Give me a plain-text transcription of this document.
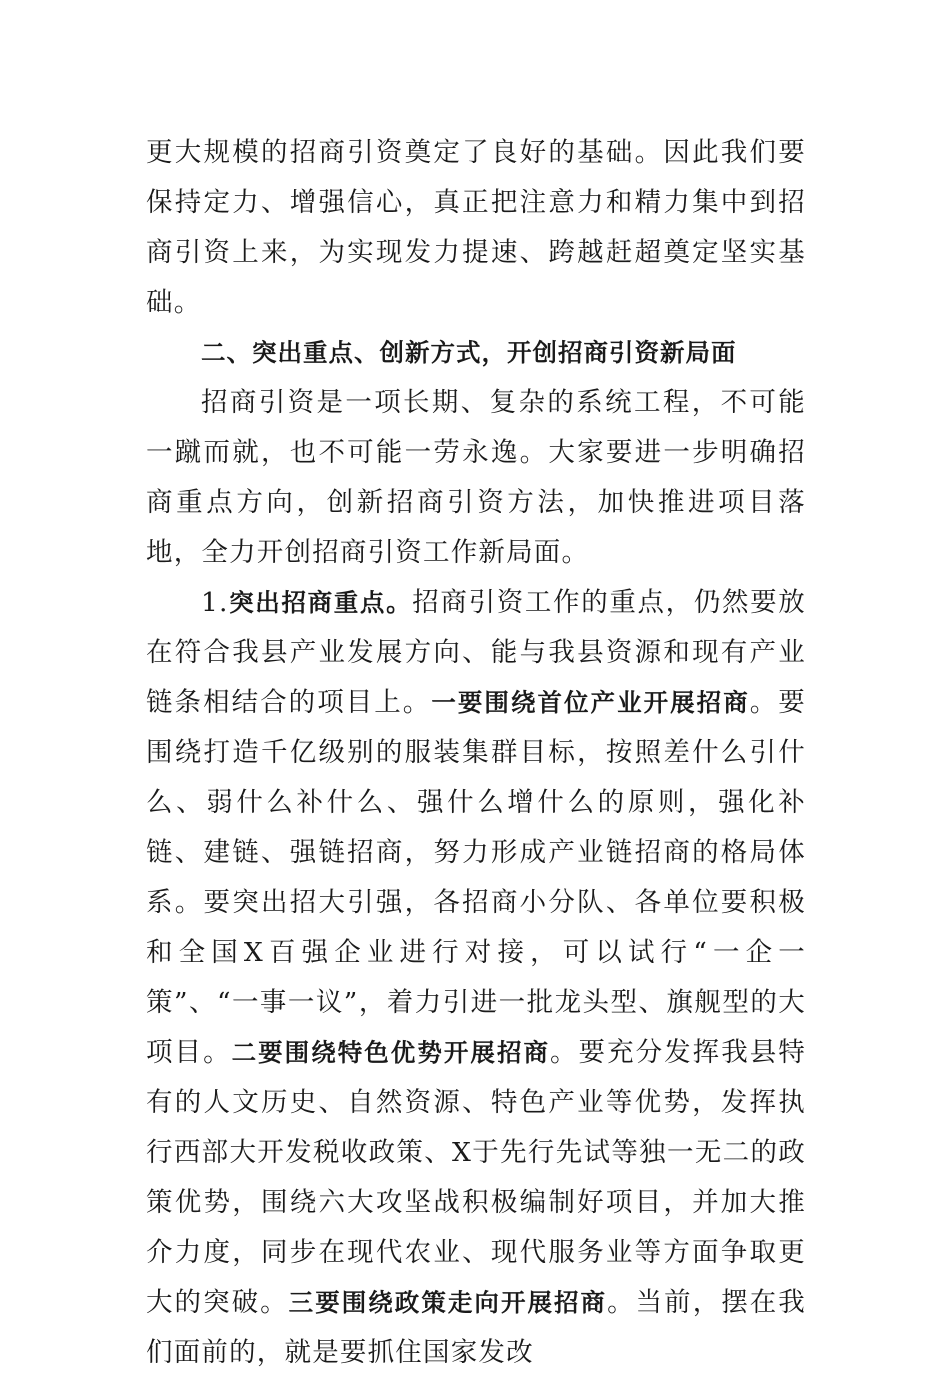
更大规模的招商引资奠定了良好的基础。因此我们要保持定力、增强信心，真正把注意力和精力集中到招商引资上来，为实现发力提速、跨越赶超奠定坚实基础。

二、突出重点、创新方式，开创招商引资新局面

招商引资是一项长期、复杂的系统工程，不可能一蹴而就，也不可能一劳永逸。大家要进一步明确招商重点方向，创新招商引资方法，加快推进项目落地，全力开创招商引资工作新局面。

1.突出招商重点。招商引资工作的重点，仍然要放在符合我县产业发展方向、能与我县资源和现有产业链条相结合的项目上。一要围绕首位产业开展招商。要围绕打造千亿级别的服装集群目标，按照差什么引什么、弱什么补什么、强什么增什么的原则，强化补链、建链、强链招商，努力形成产业链招商的格局体系。要突出招大引强，各招商小分队、各单位要积极和全国X百强企业进行对接，可以试行“一企一策”、“一事一议”，着力引进一批龙头型、旗舰型的大项目。二要围绕特色优势开展招商。要充分发挥我县特有的人文历史、自然资源、特色产业等优势，发挥执行西部大开发税收政策、X于先行先试等独一无二的政策优势，围绕六大攻坚战积极编制好项目，并加大推介力度，同步在现代农业、现代服务业等方面争取更大的突破。三要围绕政策走向开展招商。当前，摆在我们面前的，就是要抓住国家发改
